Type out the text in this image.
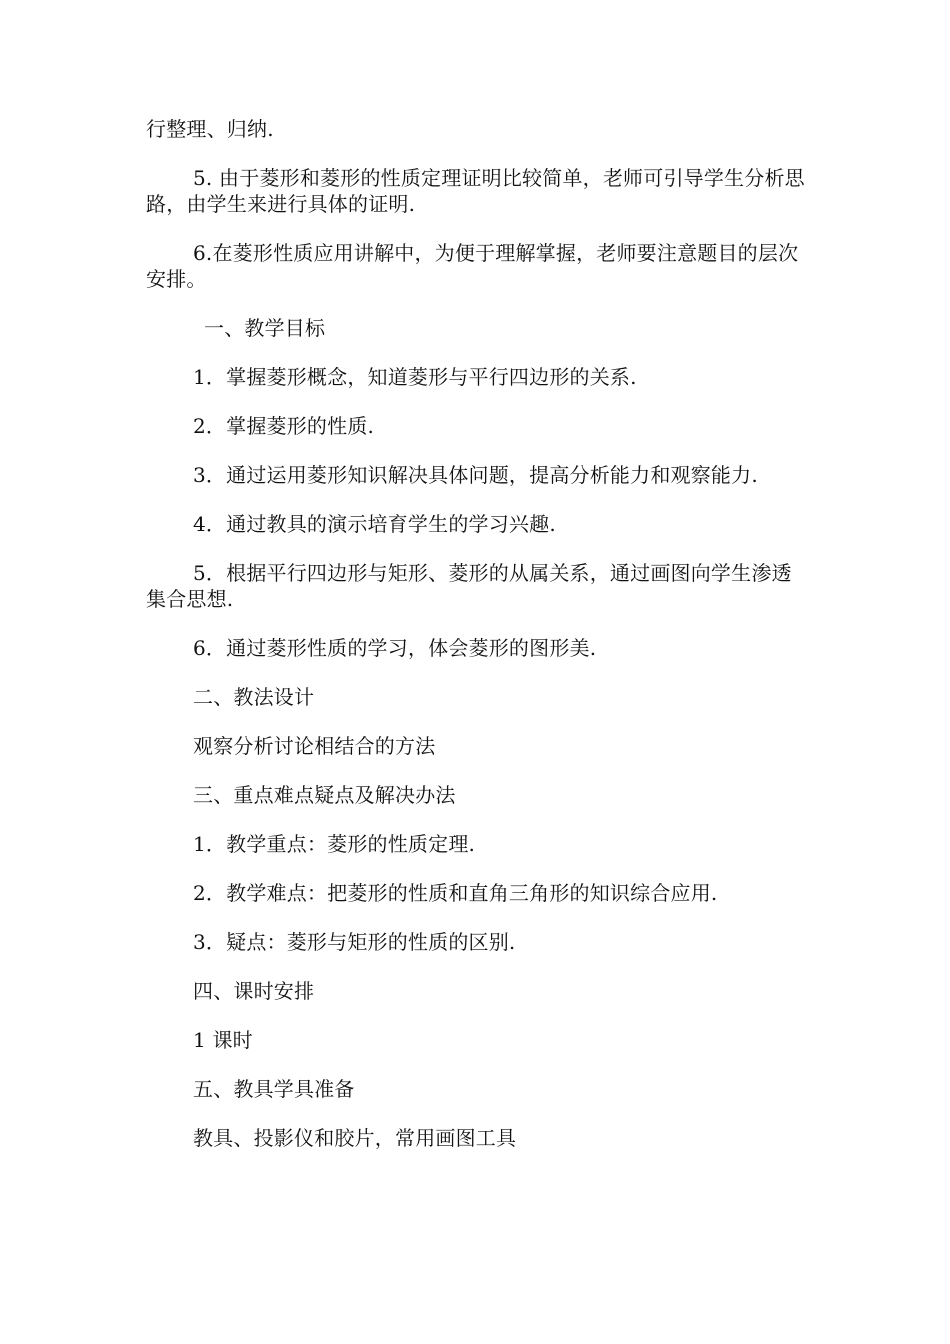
行整理、归纳.

5. 由于菱形和菱形的性质定理证明比较简单，老师可引导学生分析思路，由学生来进行具体的证明.

6.在菱形性质应用讲解中，为便于理解掌握，老师要注意题目的层次安排。

一、教学目标

1．掌握菱形概念，知道菱形与平行四边形的关系.

2．掌握菱形的性质.

3．通过运用菱形知识解决具体问题，提高分析能力和观察能力.

4．通过教具的演示培育学生的学习兴趣.

5．根据平行四边形与矩形、菱形的从属关系，通过画图向学生渗透集合思想.

6．通过菱形性质的学习，体会菱形的图形美.

二、教法设计

观察分析讨论相结合的方法

三、重点难点疑点及解决办法

1．教学重点：菱形的性质定理.

2．教学难点：把菱形的性质和直角三角形的知识综合应用.

3．疑点：菱形与矩形的性质的区别.

四、课时安排

1 课时

五、教具学具准备

教具、投影仪和胶片，常用画图工具
